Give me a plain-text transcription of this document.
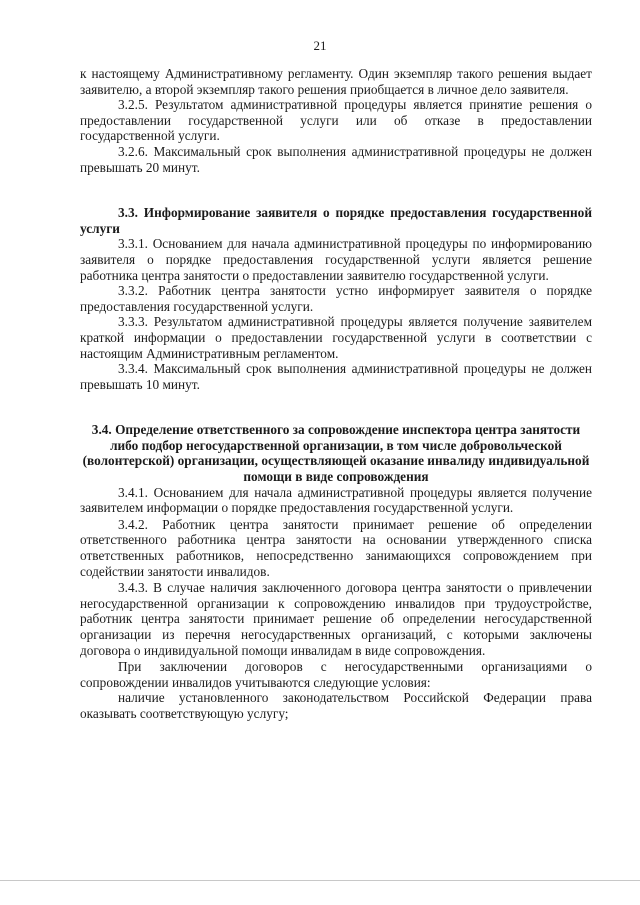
21

к настоящему Административному регламенту. Один экземпляр такого решения выдает заявителю, а второй экземпляр такого решения приобщается в личное дело заявителя.

3.2.5. Результатом административной процедуры является принятие решения о предоставлении государственной услуги или об отказе в предоставлении государственной услуги.

3.2.6. Максимальный срок выполнения административной процедуры не должен превышать 20 минут.

3.3. Информирование заявителя о порядке предоставления государственной услуги

3.3.1. Основанием для начала административной процедуры по информированию заявителя о порядке предоставления государственной услуги является решение работника центра занятости о предоставлении заявителю государственной услуги.

3.3.2. Работник центра занятости устно информирует заявителя о порядке предоставления государственной услуги.

3.3.3. Результатом административной процедуры является получение заявителем краткой информации о предоставлении государственной услуги в соответствии с настоящим Административным регламентом.

3.3.4. Максимальный срок выполнения административной процедуры не должен превышать 10 минут.

3.4. Определение ответственного за сопровождение инспектора центра занятости либо подбор негосударственной организации, в том числе добровольческой (волонтерской) организации, осуществляющей оказание инвалиду индивидуальной помощи в виде сопровождения

3.4.1. Основанием для начала административной процедуры является получение заявителем информации о порядке предоставления государственной услуги.

3.4.2. Работник центра занятости принимает решение об определении ответственного работника центра занятости на основании утвержденного списка ответственных работников, непосредственно занимающихся сопровождением при содействии занятости инвалидов.

3.4.3. В случае наличия заключенного договора центра занятости о привлечении негосударственной организации к сопровождению инвалидов при трудоустройстве, работник центра занятости принимает решение об определении негосударственной организации из перечня негосударственных организаций, с которыми заключены договора о индивидуальной помощи инвалидам в виде сопровождения.

При заключении договоров с негосударственными организациями о сопровождении инвалидов учитываются следующие условия:

наличие установленного законодательством Российской Федерации права оказывать соответствующую услугу;
